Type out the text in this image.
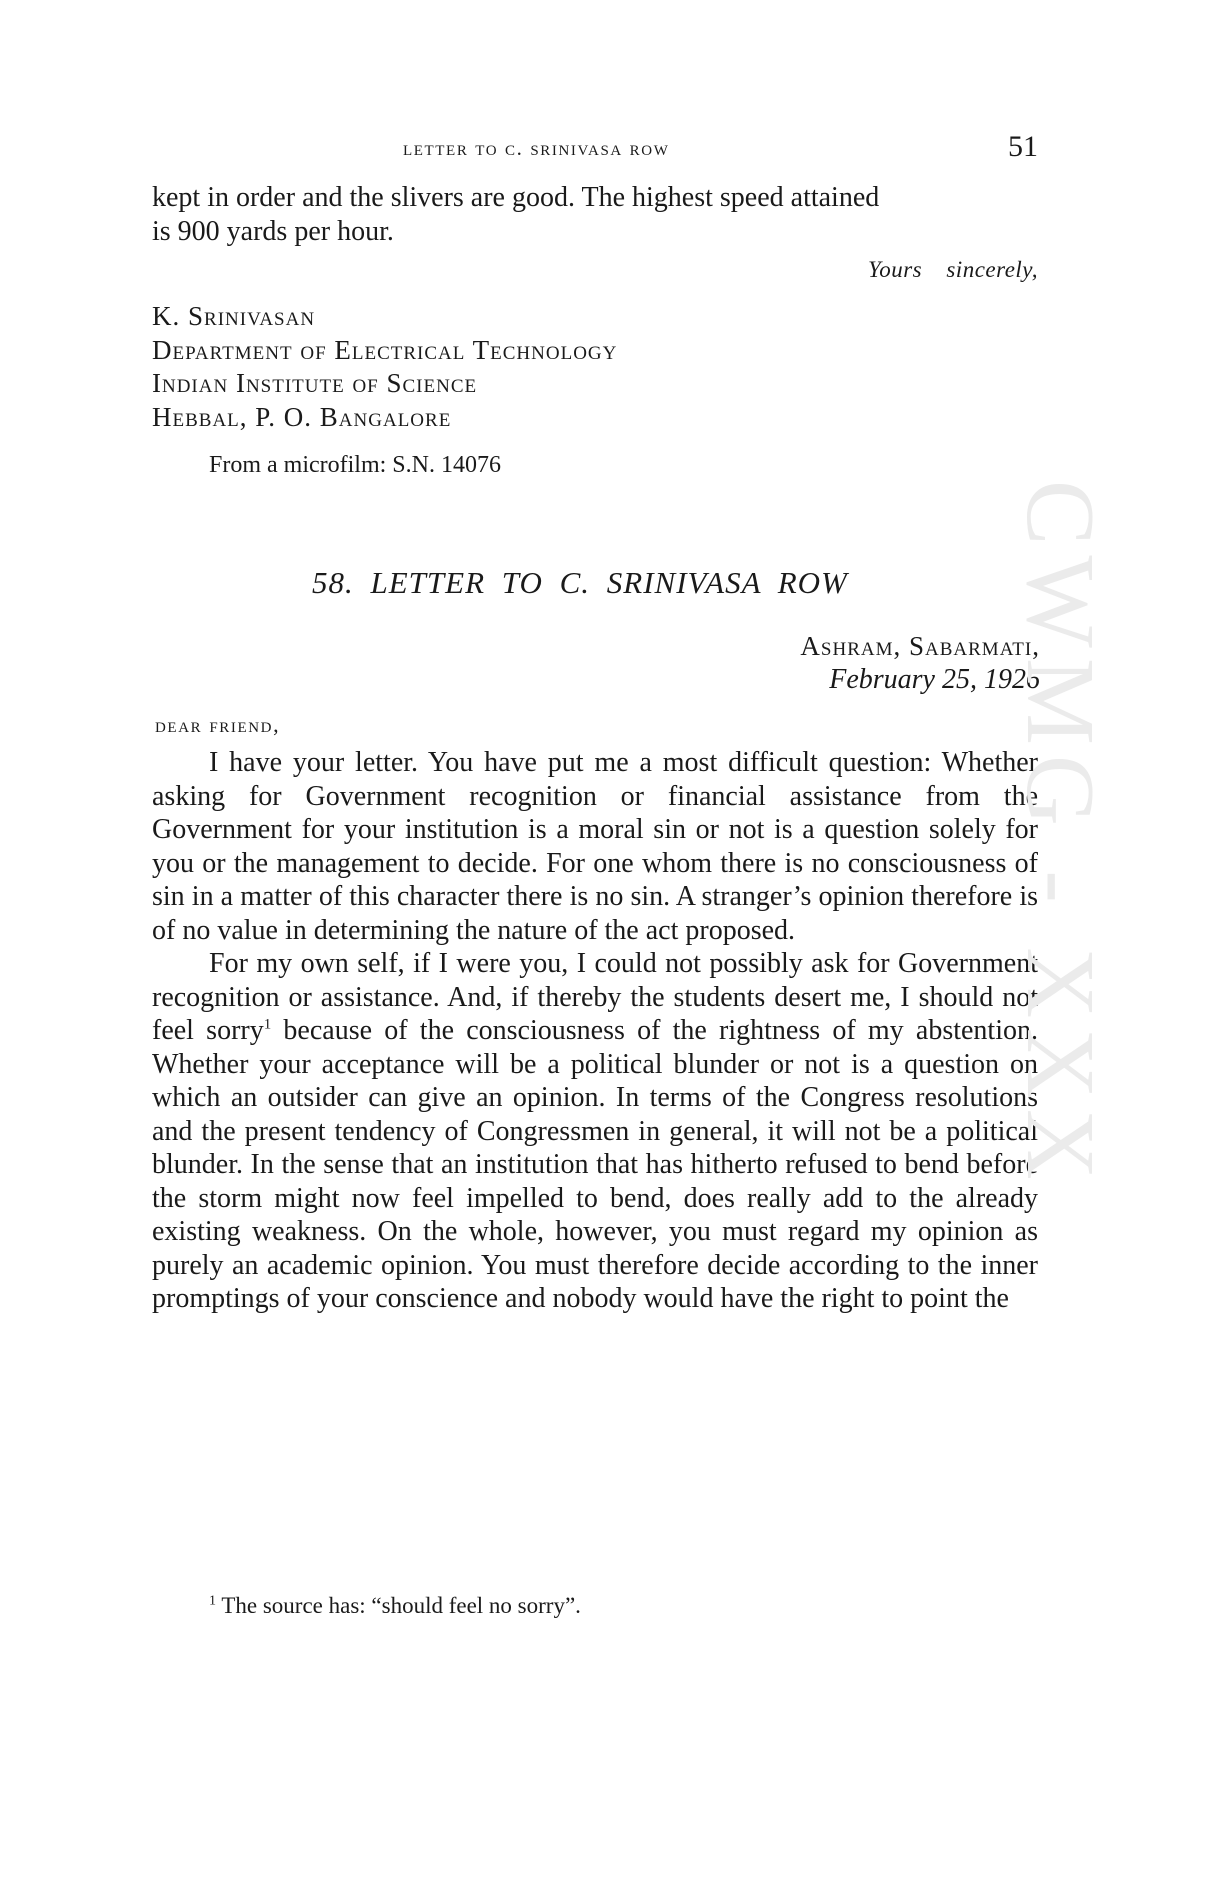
letter to c. srinivasa row	51
kept in order and the slivers are good. The highest speed attained
is 900 yards per hour.
Yours sincerely,
K. Srinivasan
Department of Electrical Technology
Indian Institute of Science
Hebbal, P. O. Bangalore
From a microfilm: S.N. 14076
58. LETTER TO C. SRINIVASA ROW
Ashram, Sabarmati,
February 25, 1926
dear friend,

I have your letter. You have put me a most difficult question: Whether asking for Government recognition or financial assistance from the Government for your institution is a moral sin or not is a question solely for you or the management to decide. For one whom there is no consciousness of sin in a matter of this character there is no sin. A stranger’s opinion therefore is of no value in determining the nature of the act proposed.

For my own self, if I were you, I could not possibly ask for Government recognition or assistance. And, if thereby the students desert me, I should not feel sorry$^1$ because of the consciousness of the rightness of my abstention. Whether your acceptance will be a political blunder or not is a question on which an outsider can give an opinion. In terms of the Congress resolutions and the present tendency of Congressmen in general, it will not be a political blunder. In the sense that an institution that has hitherto refused to bend before the storm might now feel impelled to bend, does really add to the already existing weakness. On the whole, however, you must regard my opinion as purely an academic opinion. You must therefore decide according to the inner promptings of your conscience and nobody would have the right to point the

$^1$ The source has: “should feel no sorry”.
CWMG - XXX
